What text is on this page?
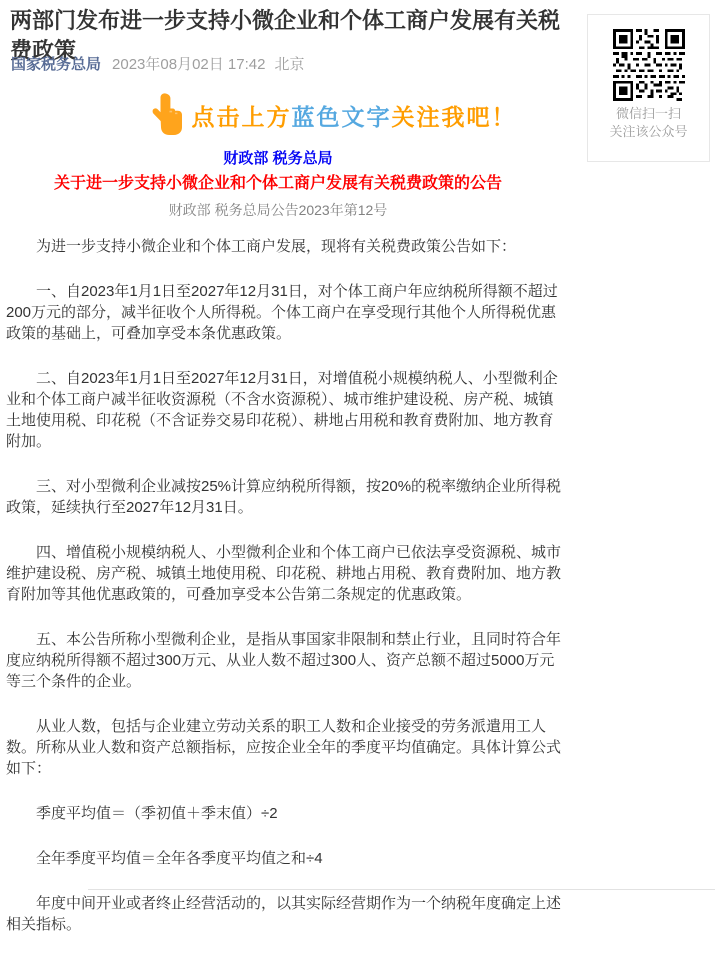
两部门发布进一步支持小微企业和个体工商户发展有关税费政策
国家税务总局 2023年08月02日 17:42 北京
微信扫一扫
关注该公众号
点击上方 蓝色文字 关注我吧！
财政部 税务总局
关于进一步支持小微企业和个体工商户发展有关税费政策的公告
财政部 税务总局公告2023年第12号

为进一步支持小微企业和个体工商户发展，现将有关税费政策公告如下：

一、自2023年1月1日至2027年12月31日，对个体工商户年应纳税所得额不超过200万元的部分，减半征收个人所得税。个体工商户在享受现行其他个人所得税优惠政策的基础上，可叠加享受本条优惠政策。

二、自2023年1月1日至2027年12月31日，对增值税小规模纳税人、小型微利企业和个体工商户减半征收资源税（不含水资源税）、城市维护建设税、房产税、城镇土地使用税、印花税（不含证券交易印花税）、耕地占用税和教育费附加、地方教育附加。

三、对小型微利企业减按25%计算应纳税所得额，按20%的税率缴纳企业所得税政策，延续执行至2027年12月31日。

四、增值税小规模纳税人、小型微利企业和个体工商户已依法享受资源税、城市维护建设税、房产税、城镇土地使用税、印花税、耕地占用税、教育费附加、地方教育附加等其他优惠政策的，可叠加享受本公告第二条规定的优惠政策。

五、本公告所称小型微利企业，是指从事国家非限制和禁止行业，且同时符合年度应纳税所得额不超过300万元、从业人数不超过300人、资产总额不超过5000万元等三个条件的企业。

从业人数，包括与企业建立劳动关系的职工人数和企业接受的劳务派遣用工人数。所称从业人数和资产总额指标，应按企业全年的季度平均值确定。具体计算公式如下：

季度平均值＝（季初值＋季末值）÷2

全年季度平均值＝全年各季度平均值之和÷4

年度中间开业或者终止经营活动的，以其实际经营期作为一个纳税年度确定上述相关指标。
